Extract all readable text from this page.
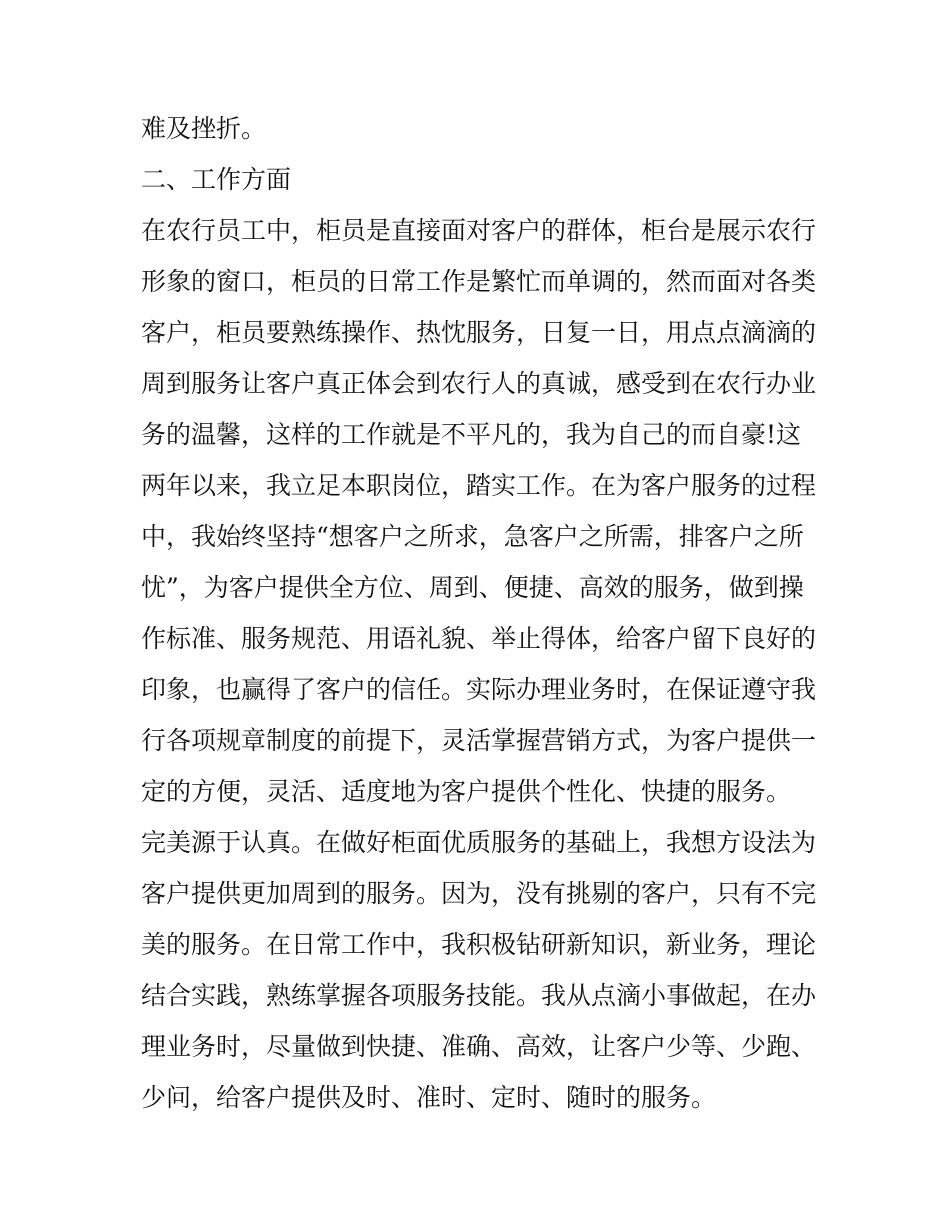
难及挫折。
二、工作方面
在农行员工中，柜员是直接面对客户的群体，柜台是展示农行
形象的窗口，柜员的日常工作是繁忙而单调的，然而面对各类
客户，柜员要熟练操作、热忱服务，日复一日，用点点滴滴的
周到服务让客户真正体会到农行人的真诚，感受到在农行办业
务的温馨，这样的工作就是不平凡的，我为自己的而自豪!这
两年以来，我立足本职岗位，踏实工作。在为客户服务的过程
中，我始终坚持“想客户之所求，急客户之所需，排客户之所
忧”，为客户提供全方位、周到、便捷、高效的服务，做到操
作标准、服务规范、用语礼貌、举止得体，给客户留下良好的
印象，也赢得了客户的信任。实际办理业务时，在保证遵守我
行各项规章制度的前提下，灵活掌握营销方式，为客户提供一
定的方便，灵活、适度地为客户提供个性化、快捷的服务。
完美源于认真。在做好柜面优质服务的基础上，我想方设法为
客户提供更加周到的服务。因为，没有挑剔的客户，只有不完
美的服务。在日常工作中，我积极钻研新知识，新业务，理论
结合实践，熟练掌握各项服务技能。我从点滴小事做起，在办
理业务时，尽量做到快捷、准确、高效，让客户少等、少跑、
少问，给客户提供及时、准时、定时、随时的服务。
